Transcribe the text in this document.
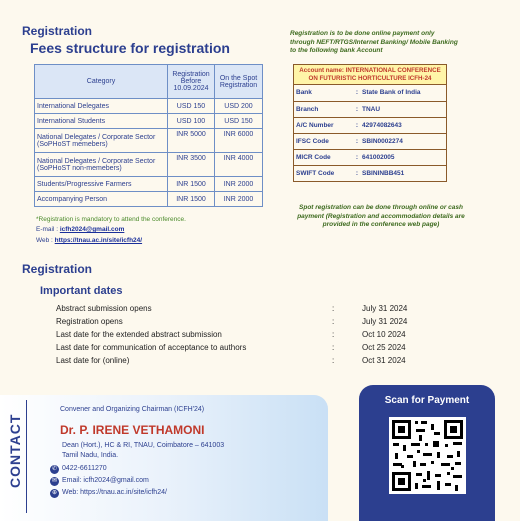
Registration
Fees structure for registration
Category	Registration Before 10.09.2024	On the Spot Registration
International Delegates	USD 150	USD 200
International Students	USD 100	USD 150
National Delegates / Corporate Sector (SoPHoST memebers)	INR 5000	INR 6000
National Delegates / Corporate Sector (SoPHoST non-memebers)	INR 3500	INR 4000
Students/Progressive Farmers	INR 1500	INR 2000
Accompanying Person	INR 1500	INR 2000
*Registration is mandatory to attend the conference.
E-mail : icfh2024@gmail.com
Web : https://tnau.ac.in/site/icfh24/
Registration is to be done online payment only through NEFT/RTGS/Internet Banking/ Mobile Banking to the following bank Account
Account name: INTERNATIONAL CONFERENCE ON FUTURISTIC HORTICULTURE ICFH-24
Bank	:	State Bank of India
Branch	:	TNAU
A/C Number	:	42974082643
IFSC Code	:	SBIN0002274
MICR Code	:	641002005
SWIFT Code	:	SBININBB451
Spot registration can be done through online or cash payment (Registration and accommodation details are provided in the conference web page)
Registration
Important dates
Abstract submission opens	:	July 31 2024
Registration opens	:	July 31 2024
Last date for the extended abstract submission	:	Oct 10 2024
Last date for communication of acceptance to authors	:	Oct 25 2024
Last date for (online)	:	Oct 31 2024
CONTACT
Convener and Organizing Chairman (ICFH'24)
Dr. P. IRENE VETHAMONI
Dean (Hort.), HC & RI, TNAU, Coimbatore – 641003
Tamil Nadu, India.
✆ 0422-6611270
✉ Email: icfh2024@gmail.com
⊕ Web: https://tnau.ac.in/site/icfh24/
Scan for Payment
